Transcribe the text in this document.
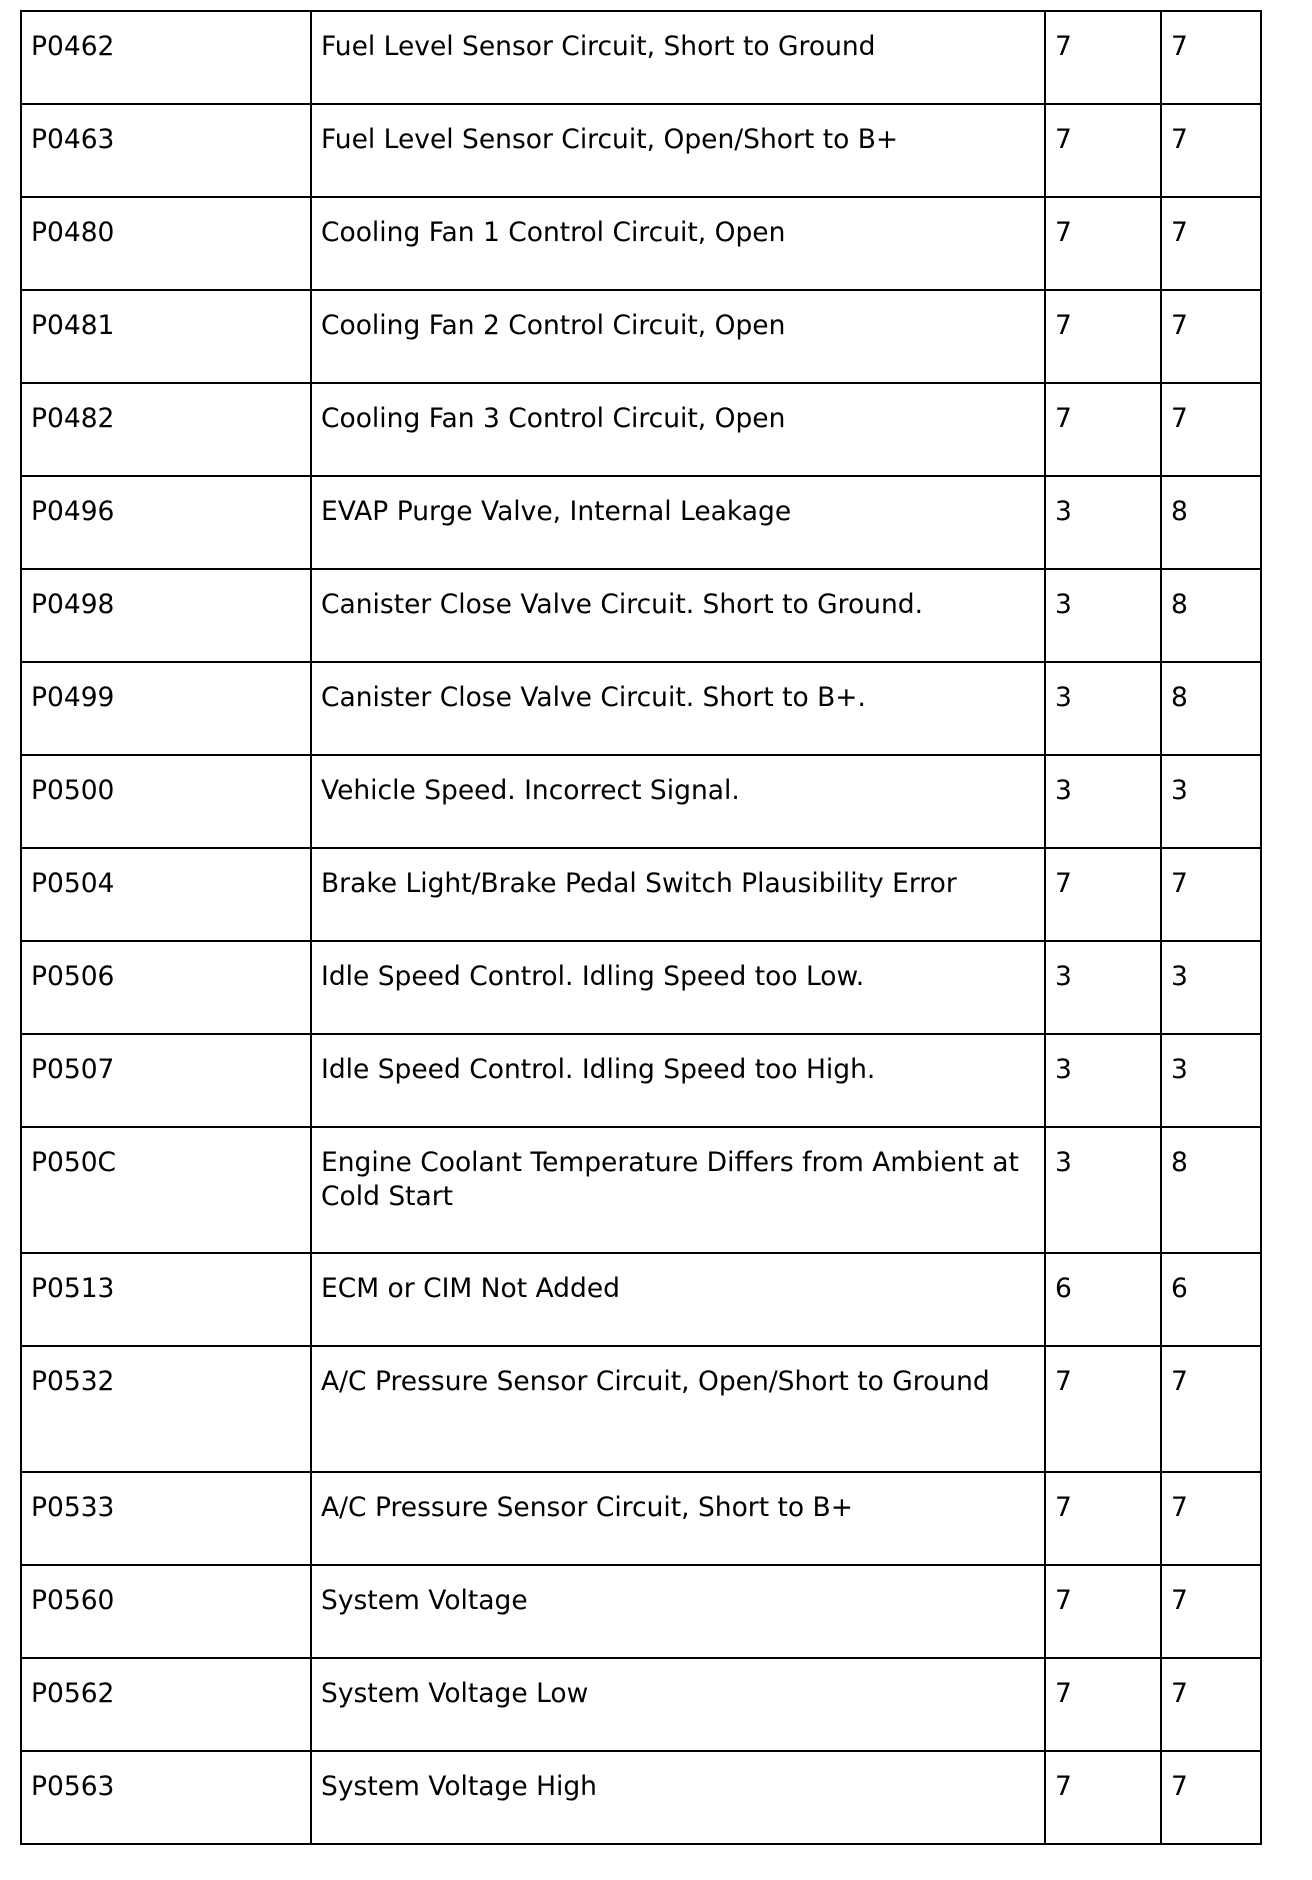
P0462	Fuel Level Sensor Circuit, Short to Ground	7	7
P0463	Fuel Level Sensor Circuit, Open/Short to B+	7	7
P0480	Cooling Fan 1 Control Circuit, Open	7	7
P0481	Cooling Fan 2 Control Circuit, Open	7	7
P0482	Cooling Fan 3 Control Circuit, Open	7	7
P0496	EVAP Purge Valve, Internal Leakage	3	8
P0498	Canister Close Valve Circuit. Short to Ground.	3	8
P0499	Canister Close Valve Circuit. Short to B+.	3	8
P0500	Vehicle Speed. Incorrect Signal.	3	3
P0504	Brake Light/Brake Pedal Switch Plausibility Error	7	7
P0506	Idle Speed Control. Idling Speed too Low.	3	3
P0507	Idle Speed Control. Idling Speed too High.	3	3
P050C	Engine Coolant Temperature Differs from Ambient at Cold Start	3	8
P0513	ECM or CIM Not Added	6	6
P0532	A/C Pressure Sensor Circuit, Open/Short to Ground	7	7
P0533	A/C Pressure Sensor Circuit, Short to B+	7	7
P0560	System Voltage	7	7
P0562	System Voltage Low	7	7
P0563	System Voltage High	7	7
